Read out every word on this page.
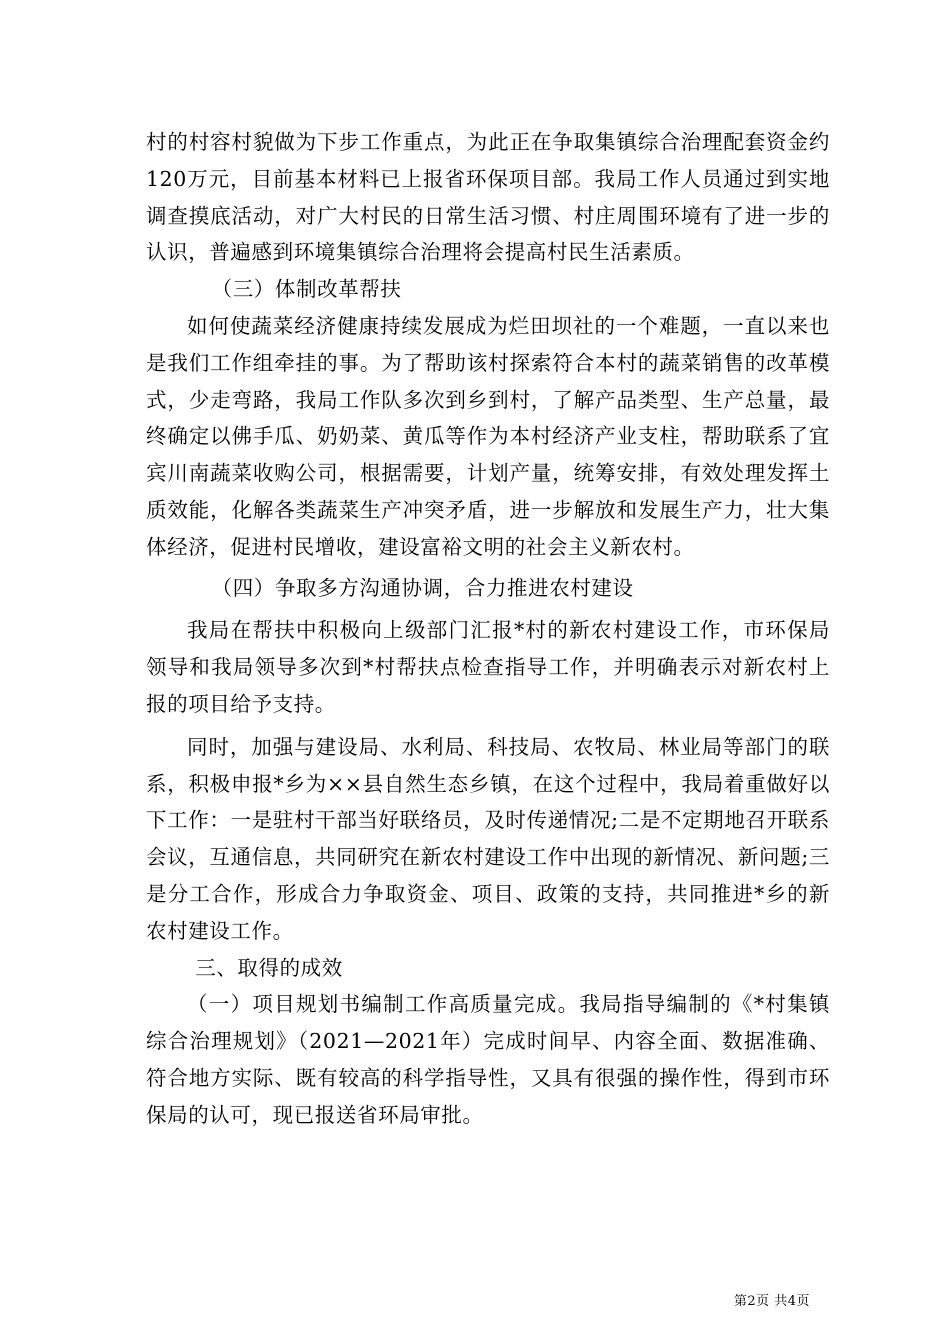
村的村容村貌做为下步工作重点，为此正在争取集镇综合治理配套资金约120万元，目前基本材料已上报省环保项目部。我局工作人员通过到实地调查摸底活动，对广大村民的日常生活习惯、村庄周围环境有了进一步的认识，普遍感到环境集镇综合治理将会提高村民生活素质。

（三）体制改革帮扶

如何使蔬菜经济健康持续发展成为烂田坝社的一个难题，一直以来也是我们工作组牵挂的事。为了帮助该村探索符合本村的蔬菜销售的改革模式，少走弯路，我局工作队多次到乡到村，了解产品类型、生产总量，最终确定以佛手瓜、奶奶菜、黄瓜等作为本村经济产业支柱，帮助联系了宜宾川南蔬菜收购公司，根据需要，计划产量，统筹安排，有效处理发挥土质效能，化解各类蔬菜生产冲突矛盾，进一步解放和发展生产力，壮大集体经济，促进村民增收，建设富裕文明的社会主义新农村。

（四）争取多方沟通协调，合力推进农村建设

我局在帮扶中积极向上级部门汇报*村的新农村建设工作，市环保局领导和我局领导多次到*村帮扶点检查指导工作，并明确表示对新农村上报的项目给予支持。

同时，加强与建设局、水利局、科技局、农牧局、林业局等部门的联系，积极申报*乡为××县自然生态乡镇，在这个过程中，我局着重做好以下工作：一是驻村干部当好联络员，及时传递情况;二是不定期地召开联系会议，互通信息，共同研究在新农村建设工作中出现的新情况、新问题;三是分工合作，形成合力争取资金、项目、政策的支持，共同推进*乡的新农村建设工作。

三、取得的成效

（一）项目规划书编制工作高质量完成。我局指导编制的《*村集镇综合治理规划》（2021—2021年）完成时间早、内容全面、数据准确、符合地方实际、既有较高的科学指导性，又具有很强的操作性，得到市环保局的认可，现已报送省环局审批。

第2页 共4页
